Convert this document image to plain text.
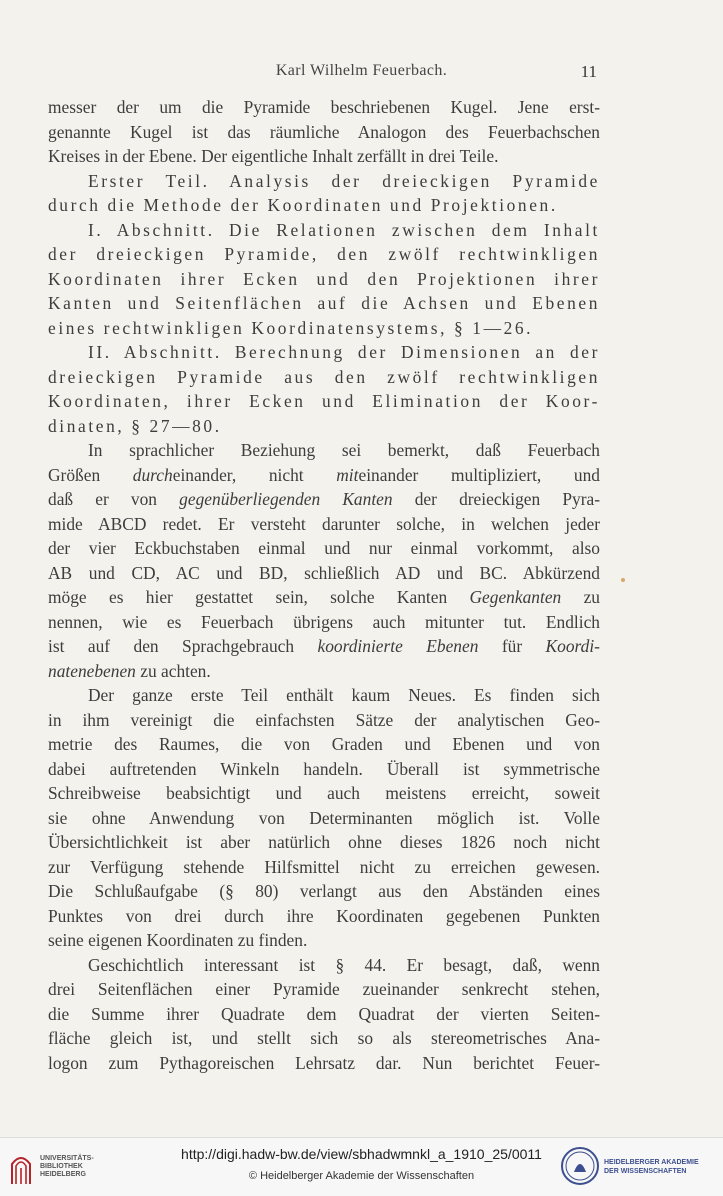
Karl Wilhelm Feuerbach.	11
messer der um die Pyramide beschriebenen Kugel. Jene erst-
genannte Kugel ist das räumliche Analogon des Feuerbachschen
Kreises in der Ebene. Der eigentliche Inhalt zerfällt in drei Teile.
Erster Teil. Analysis der dreieckigen Pyramide
durch die Methode der Koordinaten und Projektionen.
I. Abschnitt. Die Relationen zwischen dem Inhalt
der dreieckigen Pyramide, den zwölf rechtwinkligen
Koordinaten ihrer Ecken und den Projektionen ihrer
Kanten und Seitenflächen auf die Achsen und Ebenen
eines rechtwinkligen Koordinatensystems, § 1—26.
II. Abschnitt. Berechnung der Dimensionen an der
dreieckigen Pyramide aus den zwölf rechtwinkligen
Koordinaten, ihrer Ecken und Elimination der Koor-
dinaten, § 27—80.
In sprachlicher Beziehung sei bemerkt, daß Feuerbach
Größen durcheinander, nicht miteinander multipliziert, und
daß er von gegenüberliegenden Kanten der dreieckigen Pyra-
mide ABCD redet. Er versteht darunter solche, in welchen jeder
der vier Eckbuchstaben einmal und nur einmal vorkommt, also
AB und CD, AC und BD, schließlich AD und BC. Abkürzend
möge es hier gestattet sein, solche Kanten Gegenkanten zu
nennen, wie es Feuerbach übrigens auch mitunter tut. Endlich
ist auf den Sprachgebrauch koordinierte Ebenen für Koordi-
natenebenen zu achten.
Der ganze erste Teil enthält kaum Neues. Es finden sich
in ihm vereinigt die einfachsten Sätze der analytischen Geo-
metrie des Raumes, die von Graden und Ebenen und von
dabei auftretenden Winkeln handeln. Überall ist symmetrische
Schreibweise beabsichtigt und auch meistens erreicht, soweit
sie ohne Anwendung von Determinanten möglich ist. Volle
Übersichtlichkeit ist aber natürlich ohne dieses 1826 noch nicht
zur Verfügung stehende Hilfsmittel nicht zu erreichen gewesen.
Die Schlußaufgabe (§ 80) verlangt aus den Abständen eines
Punktes von drei durch ihre Koordinaten gegebenen Punkten
seine eigenen Koordinaten zu finden.
Geschichtlich interessant ist § 44. Er besagt, daß, wenn
drei Seitenflächen einer Pyramide zueinander senkrecht stehen,
die Summe ihrer Quadrate dem Quadrat der vierten Seiten-
fläche gleich ist, und stellt sich so als stereometrisches Ana-
logon zum Pythagoreischen Lehrsatz dar. Nun berichtet Feuer-
UNIVERSITÄTS-
BIBLIOTHEK
HEIDELBERG
http://digi.hadw-bw.de/view/sbhadwmnkl_a_1910_25/0011
© Heidelberger Akademie der Wissenschaften
HEIDELBERGER AKADEMIE
DER WISSENSCHAFTEN
